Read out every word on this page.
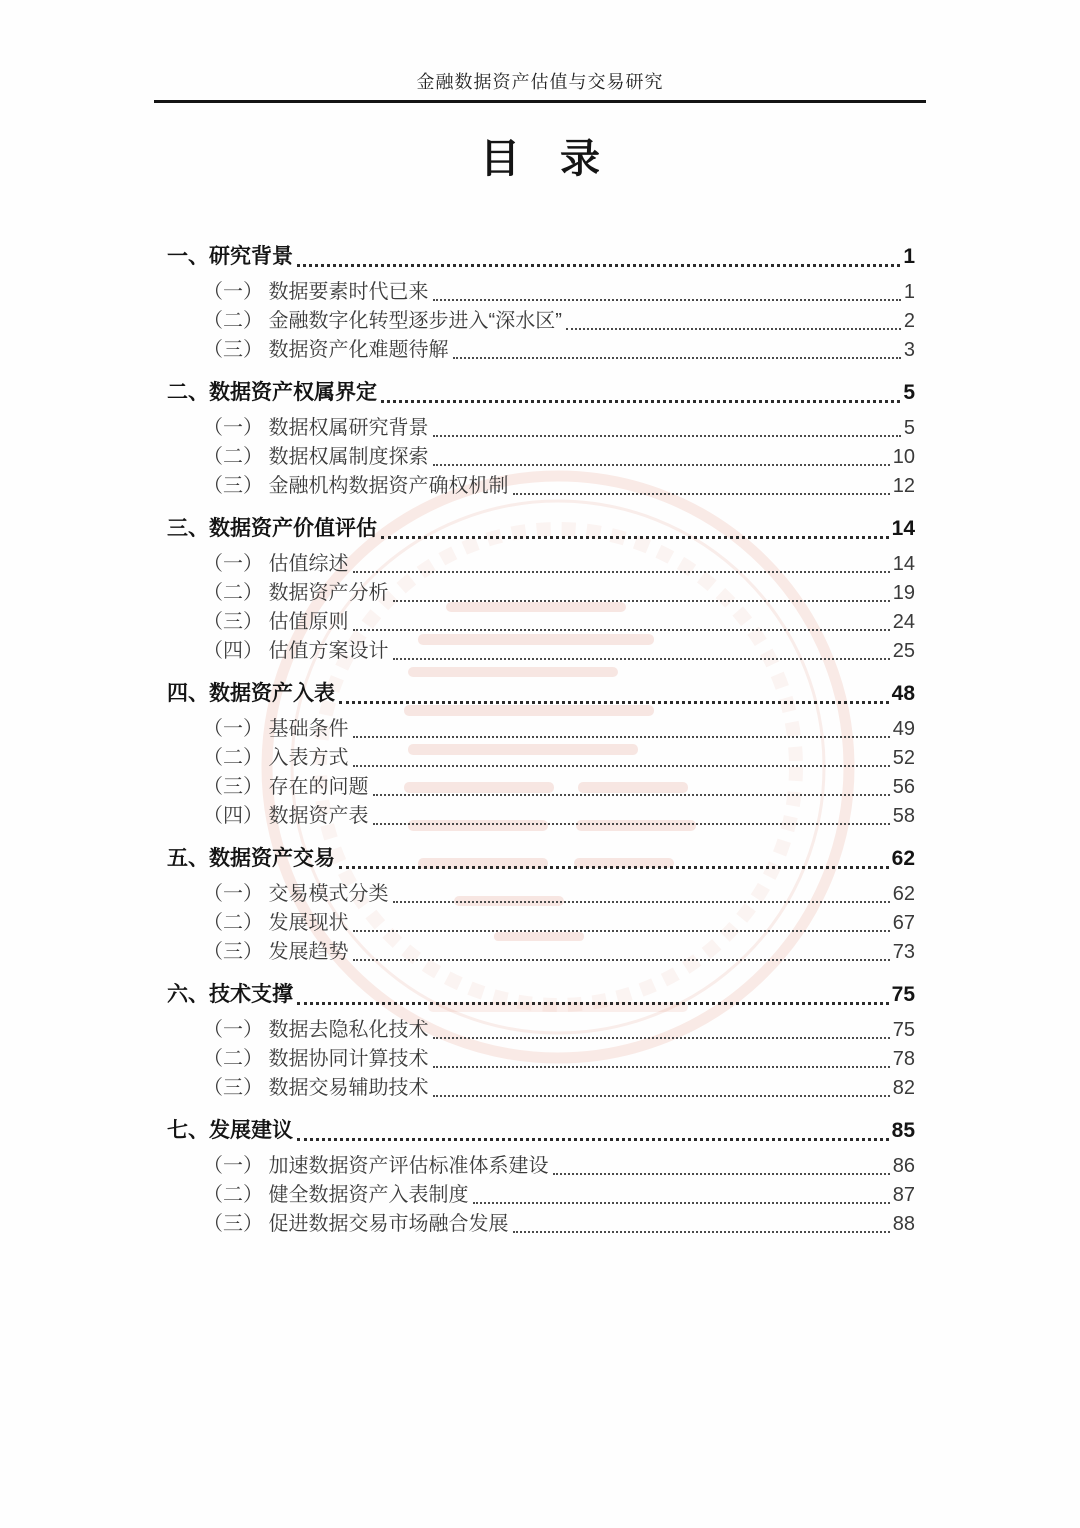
金融数据资产估值与交易研究
目　录
一、研究背景	1
（一） 数据要素时代已来	1
（二） 金融数字化转型逐步进入“深水区”	2
（三） 数据资产化难题待解	3
二、数据资产权属界定	5
（一） 数据权属研究背景	5
（二） 数据权属制度探索	10
（三） 金融机构数据资产确权机制	12
三、数据资产价值评估	14
（一） 估值综述	14
（二） 数据资产分析	19
（三） 估值原则	24
（四） 估值方案设计	25
四、数据资产入表	48
（一） 基础条件	49
（二） 入表方式	52
（三） 存在的问题	56
（四） 数据资产表	58
五、数据资产交易	62
（一） 交易模式分类	62
（二） 发展现状	67
（三） 发展趋势	73
六、技术支撑	75
（一） 数据去隐私化技术	75
（二） 数据协同计算技术	78
（三） 数据交易辅助技术	82
七、发展建议	85
（一） 加速数据资产评估标准体系建设	86
（二） 健全数据资产入表制度	87
（三） 促进数据交易市场融合发展	88
